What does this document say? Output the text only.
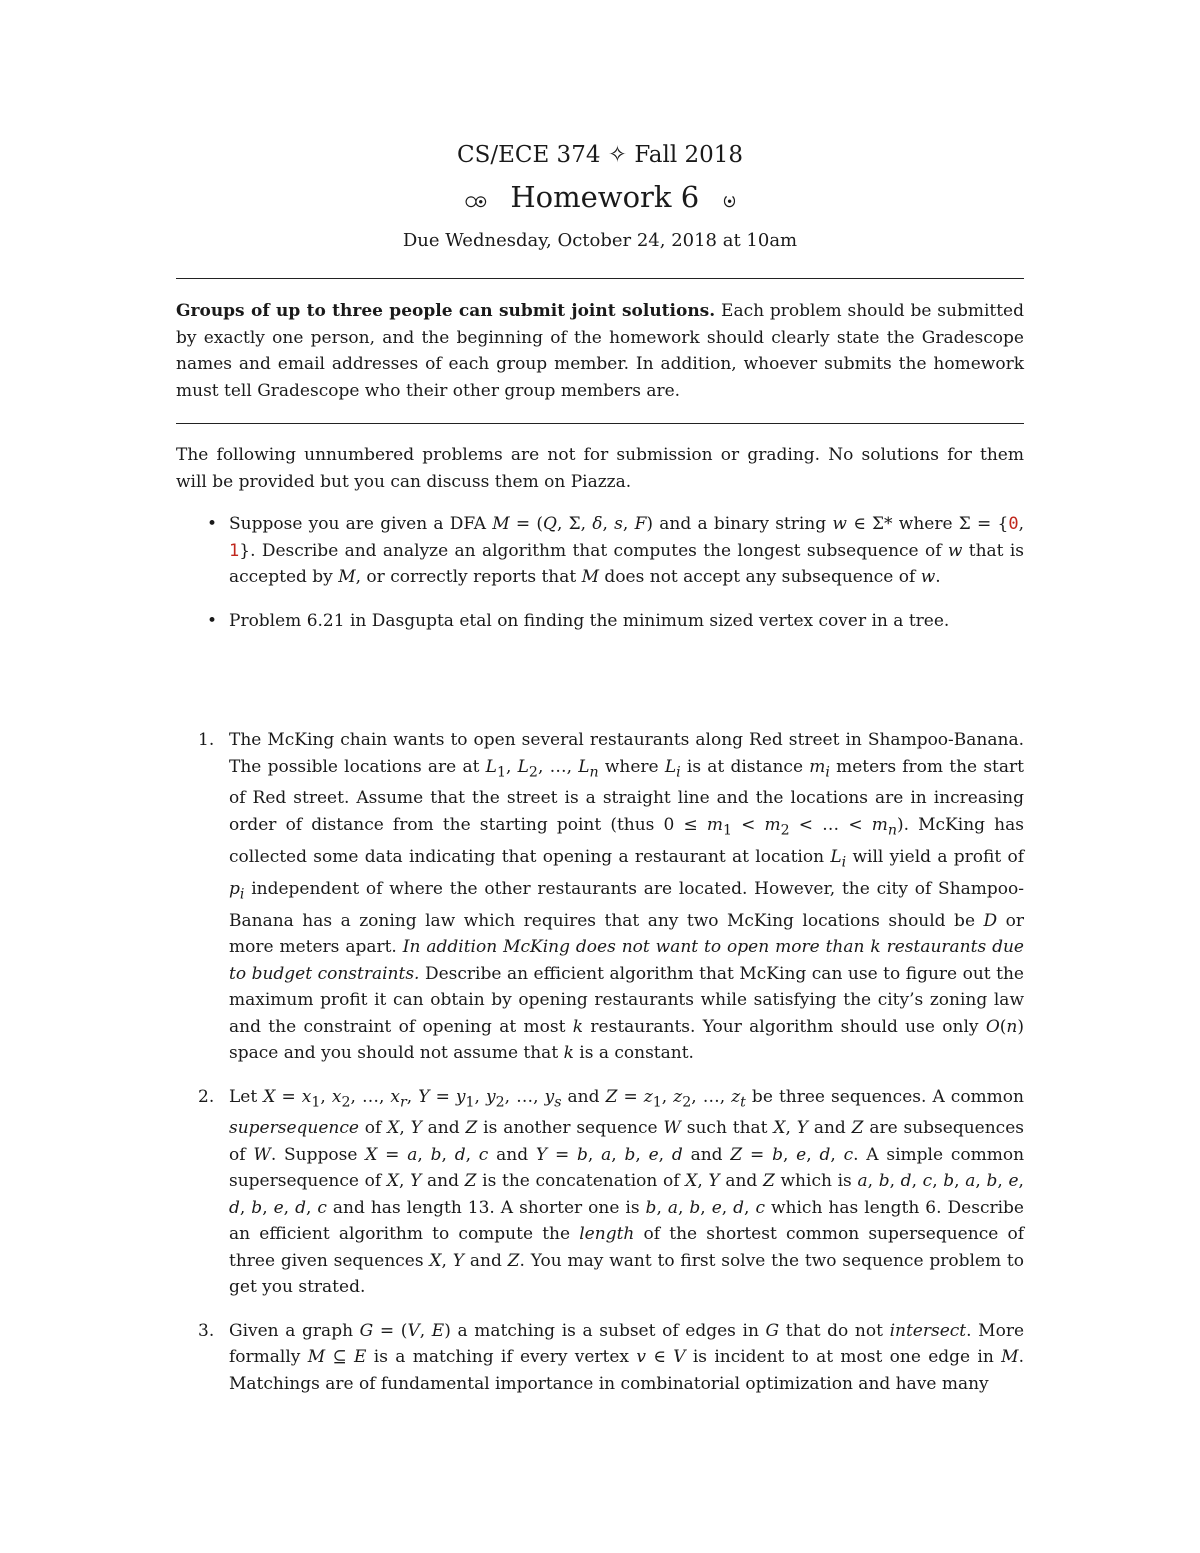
CS/ECE 374 ✧ Fall 2018
ꧼ Homework 6 ꧽ
Due Wednesday, October 24, 2018 at 10am

Groups of up to three people can submit joint solutions. Each problem should be submitted by exactly one person, and the beginning of the homework should clearly state the Gradescope names and email addresses of each group member. In addition, whoever submits the homework must tell Gradescope who their other group members are.

The following unnumbered problems are not for submission or grading. No solutions for them will be provided but you can discuss them on Piazza.

• Suppose you are given a DFA M = (Q, Σ, δ, s, F) and a binary string w ∈ Σ* where Σ = {0, 1}. Describe and analyze an algorithm that computes the longest subsequence of w that is accepted by M, or correctly reports that M does not accept any subsequence of w.
• Problem 6.21 in Dasgupta etal on finding the minimum sized vertex cover in a tree.
1. The McKing chain wants to open several restaurants along Red street in Shampoo-Banana. The possible locations are at $L_1$, $L_2$, …, $L_n$ where $L_i$ is at distance $m_i$ meters from the start of Red street. Assume that the street is a straight line and the locations are in increasing order of distance from the starting point (thus $0 \le m_1 < m_2$ < … < $m_n$). McKing has collected some data indicating that opening a restaurant at location $L_i$ will yield a profit of $p_i$ independent of where the other restaurants are located. However, the city of Shampoo-Banana has a zoning law which requires that any two McKing locations should be D or more meters apart. In addition McKing does not want to open more than k restaurants due to budget constraints. Describe an efficient algorithm that McKing can use to figure out the maximum profit it can obtain by opening restaurants while satisfying the city’s zoning law and the constraint of opening at most k restaurants. Your algorithm should use only O(n) space and you should not assume that k is a constant.
2. Let $X = x_1$, $x_2$, …, $x_r$, $Y = y_1$, $y_2$, …, $y_s$ and $Z = z_1$, $z_2$, …, $z_t$ be three sequences. A common supersequence of X, Y and Z is another sequence W such that X, Y and Z are subsequences of W. Suppose X = a, b, d, c and Y = b, a, b, e, d and Z = b, e, d, c. A simple common supersequence of X, Y and Z is the concatenation of X, Y and Z which is a, b, d, c, b, a, b, e, d, b, e, d, c and has length 13. A shorter one is b, a, b, e, d, c which has length 6. Describe an efficient algorithm to compute the length of the shortest common supersequence of three given sequences X, Y and Z. You may want to first solve the two sequence problem to get you strated.
3. Given a graph G = (V, E) a matching is a subset of edges in G that do not intersect. More formally M ⊆ E is a matching if every vertex v ∈ V is incident to at most one edge in M. Matchings are of fundamental importance in combinatorial optimization and have many
